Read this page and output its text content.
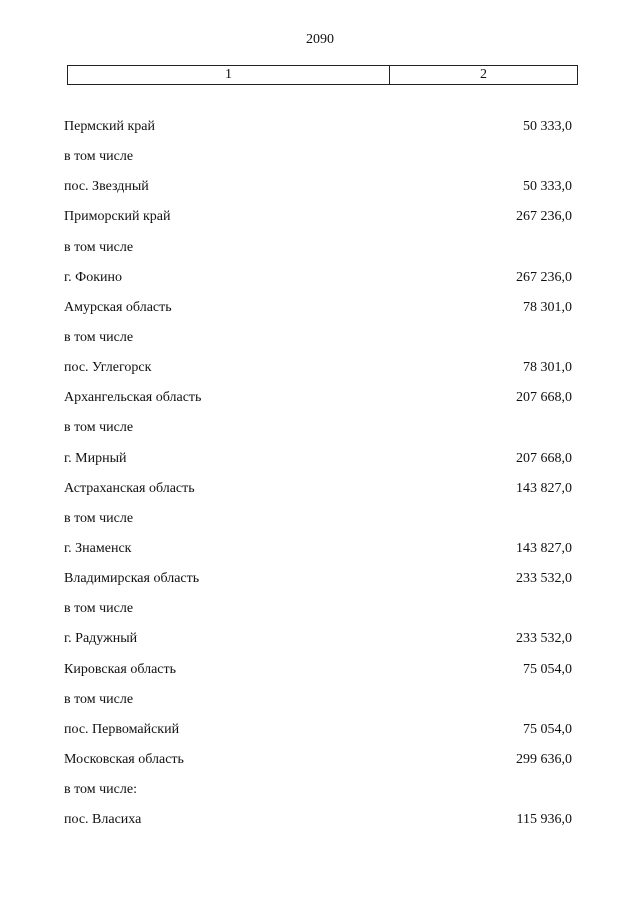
2090
1	2
Пермский край	50 333,0
в том числе
пос. Звездный	50 333,0
Приморский край	267 236,0
в том числе
г. Фокино	267 236,0
Амурская область	78 301,0
в том числе
пос. Углегорск	78 301,0
Архангельская область	207 668,0
в том числе
г. Мирный	207 668,0
Астраханская область	143 827,0
в том числе
г. Знаменск	143 827,0
Владимирская область	233 532,0
в том числе
г. Радужный	233 532,0
Кировская область	75 054,0
в том числе
пос. Первомайский	75 054,0
Московская область	299 636,0
в том числе:
пос. Власиха	115 936,0
